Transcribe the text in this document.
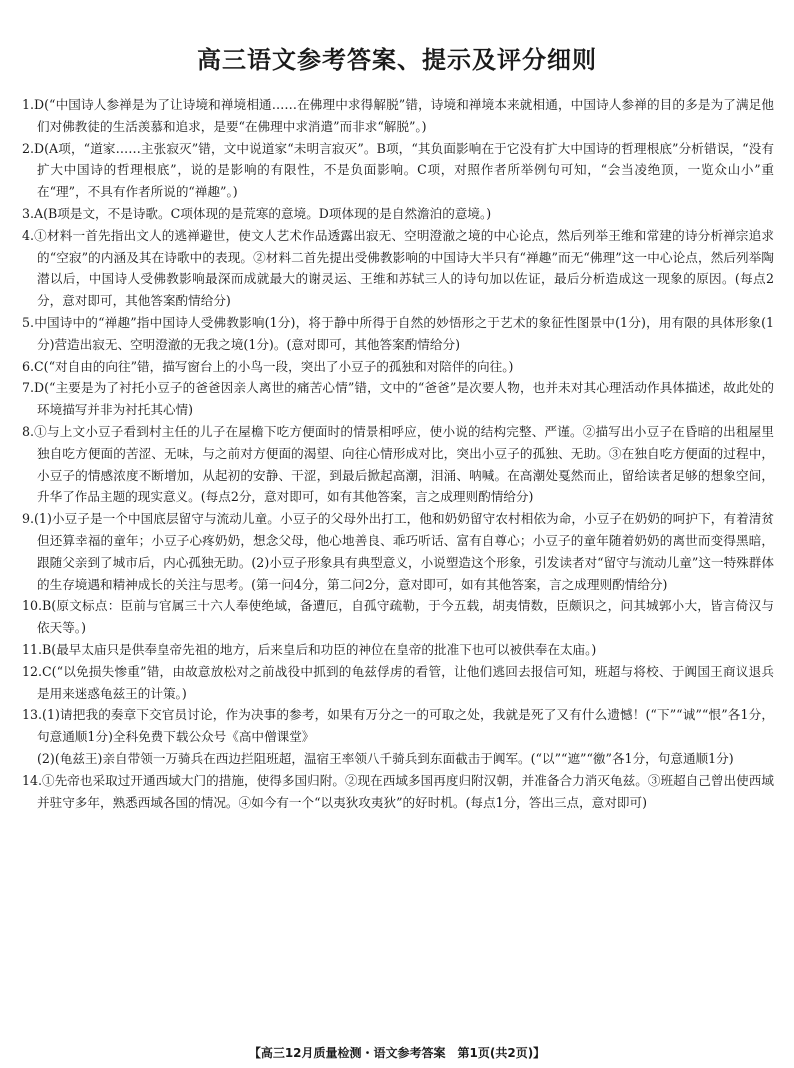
高三语文参考答案、提示及评分细则

1.D(“中国诗人参禅是为了让诗境和禅境相通……在佛理中求得解脱”错，诗境和禅境本来就相通，中国诗人参禅的目的多是为了满足他们对佛教徒的生活羡慕和追求，是要“在佛理中求消遣”而非求“解脱”。)

2.D(A项，“道家……主张寂灭”错，文中说道家“未明言寂灭”。B项，“其负面影响在于它没有扩大中国诗的哲理根底”分析错误，“没有扩大中国诗的哲理根底”，说的是影响的有限性，不是负面影响。C项，对照作者所举例句可知，“会当凌绝顶，一览众山小”重在“理”，不具有作者所说的“禅趣”。)

3.A(B项是文，不是诗歌。C项体现的是荒寒的意境。D项体现的是自然澹泊的意境。)

4.①材料一首先指出文人的逃禅避世，使文人艺术作品透露出寂无、空明澄澈之境的中心论点，然后列举王维和常建的诗分析禅宗追求的“空寂”的内涵及其在诗歌中的表现。②材料二首先提出受佛教影响的中国诗大半只有“禅趣”而无“佛理”这一中心论点，然后列举陶潜以后，中国诗人受佛教影响最深而成就最大的谢灵运、王维和苏轼三人的诗句加以佐证，最后分析造成这一现象的原因。(每点2分，意对即可，其他答案酌情给分)

5.中国诗中的“禅趣”指中国诗人受佛教影响(1分)，将于静中所得于自然的妙悟形之于艺术的象征性图景中(1分)，用有限的具体形象(1分)营造出寂无、空明澄澈的无我之境(1分)。(意对即可，其他答案酌情给分)

6.C(“对自由的向往”错，描写窗台上的小鸟一段，突出了小豆子的孤独和对陪伴的向往。)

7.D(“主要是为了衬托小豆子的爸爸因亲人离世的痛苦心情”错，文中的“爸爸”是次要人物，也并未对其心理活动作具体描述，故此处的环境描写并非为衬托其心情)

8.①与上文小豆子看到村主任的儿子在屋檐下吃方便面时的情景相呼应，使小说的结构完整、严谨。②描写出小豆子在昏暗的出租屋里独自吃方便面的苦涩、无味，与之前对方便面的渴望、向往心情形成对比，突出小豆子的孤独、无助。③在独自吃方便面的过程中，小豆子的情感浓度不断增加，从起初的安静、干涩，到最后掀起高潮，泪涌、呐喊。在高潮处戛然而止，留给读者足够的想象空间，升华了作品主题的现实意义。(每点2分，意对即可，如有其他答案，言之成理则酌情给分)

9.(1)小豆子是一个中国底层留守与流动儿童。小豆子的父母外出打工，他和奶奶留守农村相依为命，小豆子在奶奶的呵护下，有着清贫但还算幸福的童年；小豆子心疼奶奶，想念父母，他心地善良、乖巧听话、富有自尊心；小豆子的童年随着奶奶的离世而变得黑暗，跟随父亲到了城市后，内心孤独无助。(2)小豆子形象具有典型意义，小说塑造这个形象，引发读者对“留守与流动儿童”这一特殊群体的生存境遇和精神成长的关注与思考。(第一问4分，第二问2分，意对即可，如有其他答案，言之成理则酌情给分)

10.B(原文标点：臣前与官属三十六人奉使绝域，备遭厄，自孤守疏勒，于今五载，胡夷情数，臣颇识之，问其城郭小大，皆言倚汉与依天等。)

11.B(最早太庙只是供奉皇帝先祖的地方，后来皇后和功臣的神位在皇帝的批准下也可以被供奉在太庙。)

12.C(“以免损失惨重”错，由故意放松对之前战役中抓到的龟兹俘虏的看管，让他们逃回去报信可知，班超与将校、于阗国王商议退兵是用来迷惑龟兹王的计策。)

13.(1)请把我的奏章下交官员讨论，作为决事的参考，如果有万分之一的可取之处，我就是死了又有什么遗憾！(“下”“诚”“恨”各1分，句意通顺1分)全科免费下载公众号《高中僧课堂》

(2)(龟兹王)亲自带领一万骑兵在西边拦阻班超，温宿王率领八千骑兵到东面截击于阗军。(“以”“遮”“徼”各1分，句意通顺1分)

14.①先帝也采取过开通西域大门的措施，使得多国归附。②现在西域多国再度归附汉朝，并准备合力消灭龟兹。③班超自己曾出使西域并驻守多年，熟悉西域各国的情况。④如今有一个“以夷狄攻夷狄”的好时机。(每点1分，答出三点，意对即可)

【高三12月质量检测・语文参考答案　第1页(共2页)】
